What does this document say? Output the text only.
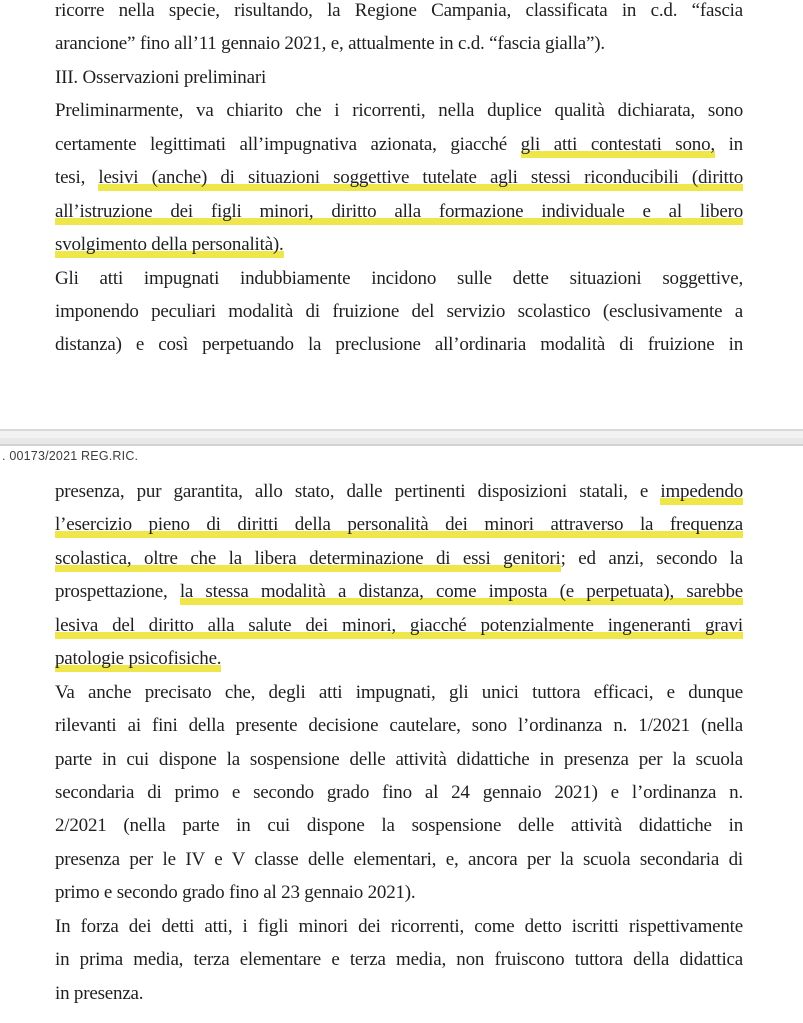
ricorre nella specie, risultando, la Regione Campania, classificata in c.d. “fascia
arancione” fino all’11 gennaio 2021, e, attualmente in c.d. “fascia gialla”).
III. Osservazioni preliminari
Preliminarmente, va chiarito che i ricorrenti, nella duplice qualità dichiarata, sono
certamente legittimati all’impugnativa azionata, giacché gli atti contestati sono, in
tesi, lesivi (anche) di situazioni soggettive tutelate agli stessi riconducibili (diritto
all’istruzione dei figli minori, diritto alla formazione individuale e al libero
svolgimento della personalità).
Gli atti impugnati indubbiamente incidono sulle dette situazioni soggettive,
imponendo peculiari modalità di fruizione del servizio scolastico (esclusivamente a
distanza) e così perpetuando la preclusione all’ordinaria modalità di fruizione in
. 00173/2021 REG.RIC.
presenza, pur garantita, allo stato, dalle pertinenti disposizioni statali, e impedendo
l’esercizio pieno di diritti della personalità dei minori attraverso la frequenza
scolastica, oltre che la libera determinazione di essi genitori; ed anzi, secondo la
prospettazione, la stessa modalità a distanza, come imposta (e perpetuata), sarebbe
lesiva del diritto alla salute dei minori, giacché potenzialmente ingeneranti gravi
patologie psicofisiche.
Va anche precisato che, degli atti impugnati, gli unici tuttora efficaci, e dunque
rilevanti ai fini della presente decisione cautelare, sono l’ordinanza n. 1/2021 (nella
parte in cui dispone la sospensione delle attività didattiche in presenza per la scuola
secondaria di primo e secondo grado fino al 24 gennaio 2021) e l’ordinanza n.
2/2021 (nella parte in cui dispone la sospensione delle attività didattiche in
presenza per le IV e V classe delle elementari, e, ancora per la scuola secondaria di
primo e secondo grado fino al 23 gennaio 2021).
In forza dei detti atti, i figli minori dei ricorrenti, come detto iscritti rispettivamente
in prima media, terza elementare e terza media, non fruiscono tuttora della didattica
in presenza.
